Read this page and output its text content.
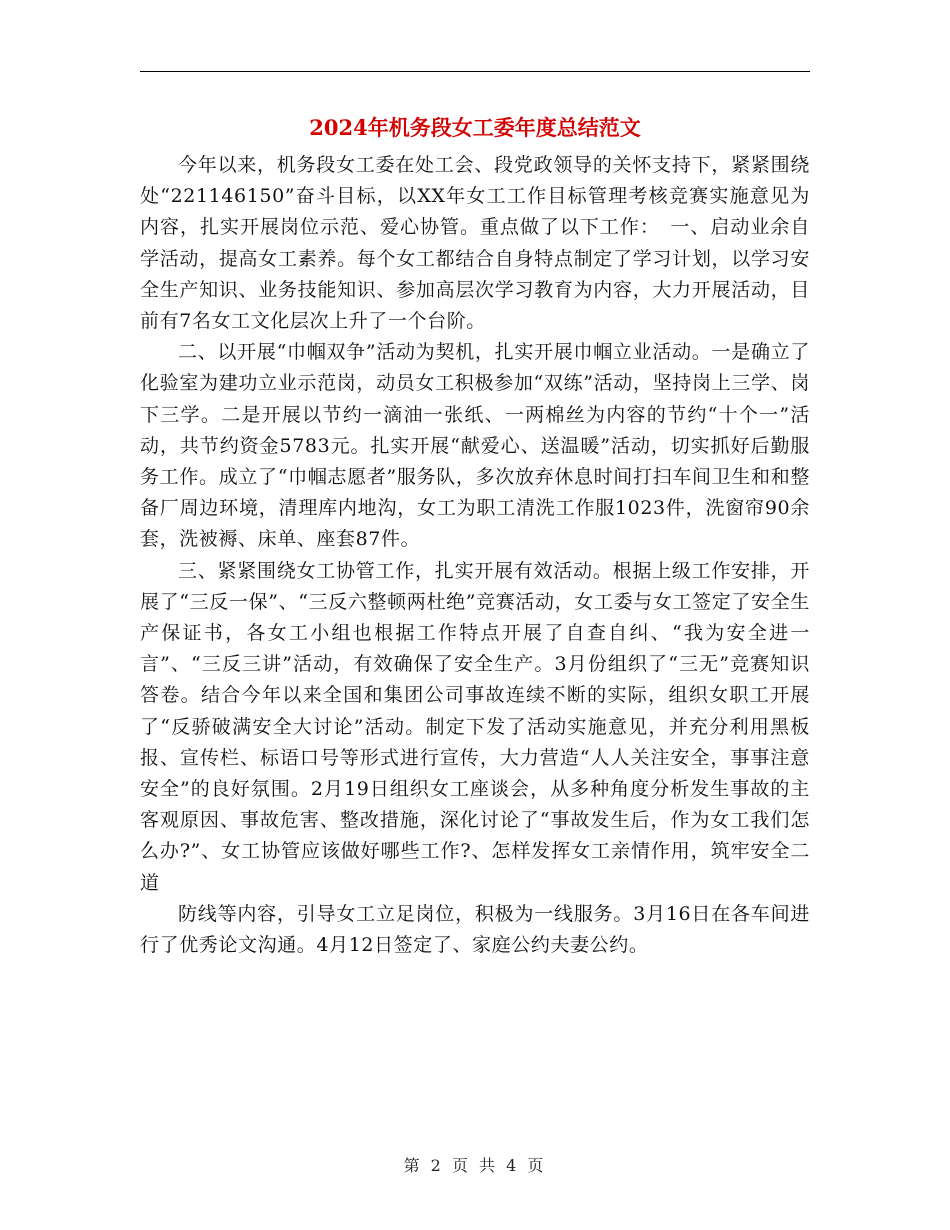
2024年机务段女工委年度总结范文

今年以来，机务段女工委在处工会、段党政领导的关怀支持下，紧紧围绕处“221146150”奋斗目标，以XX年女工工作目标管理考核竞赛实施意见为内容，扎实开展岗位示范、爱心协管。重点做了以下工作：　一、启动业余自学活动，提高女工素养。每个女工都结合自身特点制定了学习计划，以学习安全生产知识、业务技能知识、参加高层次学习教育为内容，大力开展活动，目前有7名女工文化层次上升了一个台阶。

二、以开展“巾帼双争”活动为契机，扎实开展巾帼立业活动。一是确立了化验室为建功立业示范岗，动员女工积极参加“双练”活动，坚持岗上三学、岗下三学。二是开展以节约一滴油一张纸、一两棉丝为内容的节约“十个一”活动，共节约资金5783元。扎实开展“献爱心、送温暖”活动，切实抓好后勤服务工作。成立了“巾帼志愿者”服务队，多次放弃休息时间打扫车间卫生和和整备厂周边环境，清理库内地沟，女工为职工清洗工作服1023件，洗窗帘90余套，洗被褥、床单、座套87件。

三、紧紧围绕女工协管工作，扎实开展有效活动。根据上级工作安排，开展了“三反一保”、“三反六整顿两杜绝”竞赛活动，女工委与女工签定了安全生产保证书，各女工小组也根据工作特点开展了自查自纠、“我为安全进一言”、“三反三讲”活动，有效确保了安全生产。3月份组织了“三无”竞赛知识答卷。结合今年以来全国和集团公司事故连续不断的实际，组织女职工开展了“反骄破满安全大讨论”活动。制定下发了活动实施意见，并充分利用黑板报、宣传栏、标语口号等形式进行宣传，大力营造“人人关注安全，事事注意安全”的良好氛围。2月19日组织女工座谈会，从多种角度分析发生事故的主客观原因、事故危害、整改措施，深化讨论了“事故发生后，作为女工我们怎么办?”、女工协管应该做好哪些工作?、怎样发挥女工亲情作用，筑牢安全二道

防线等内容，引导女工立足岗位，积极为一线服务。3月16日在各车间进行了优秀论文沟通。4月12日签定了、家庭公约夫妻公约。

第 2 页 共 4 页
